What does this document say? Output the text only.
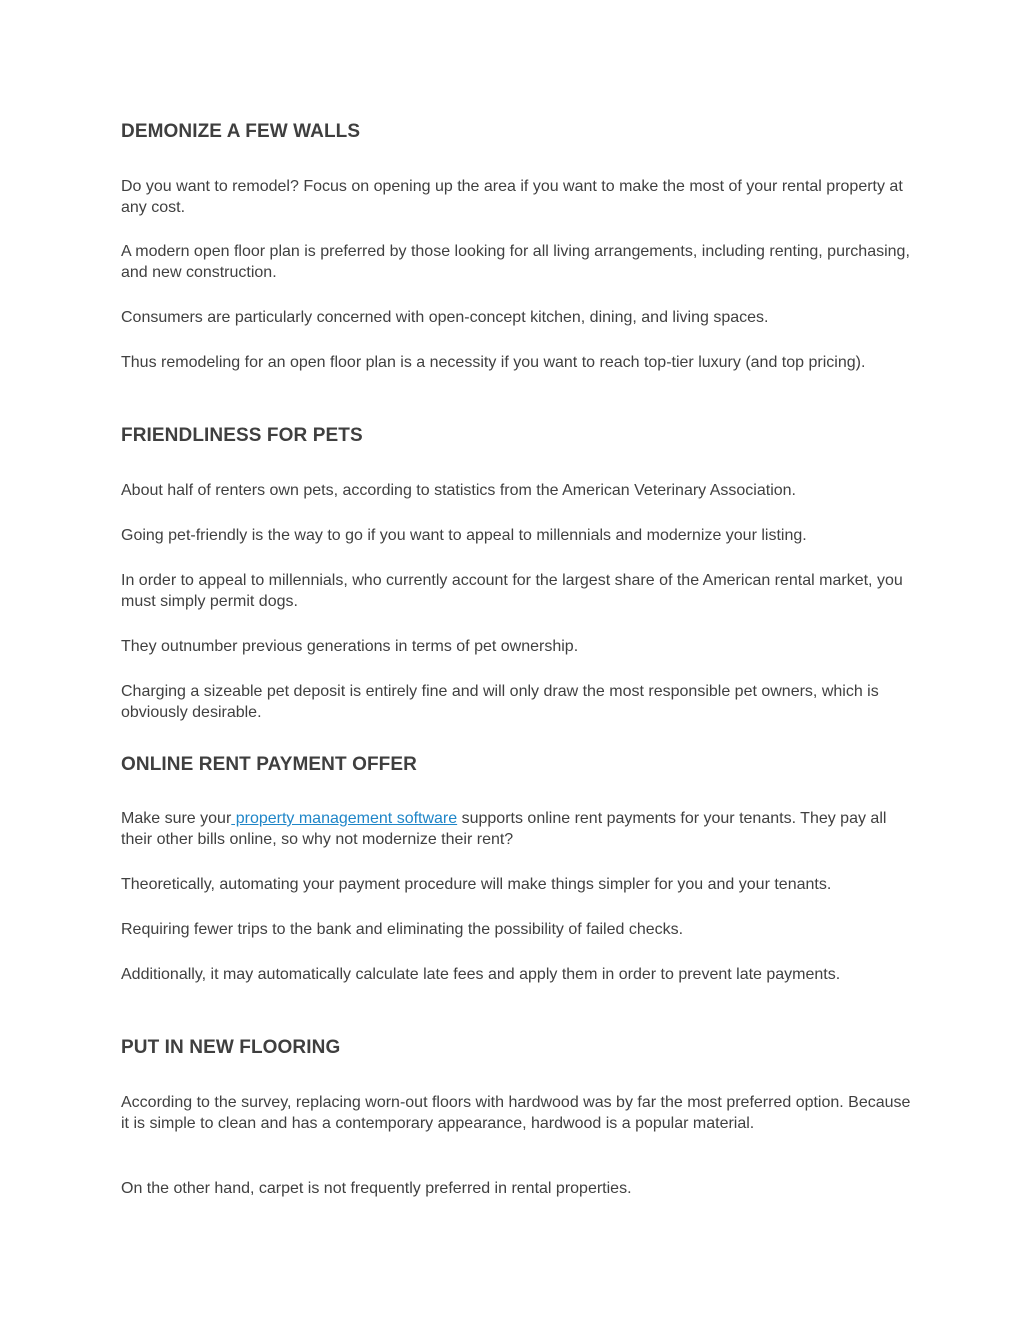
DEMONIZE A FEW WALLS

Do you want to remodel? Focus on opening up the area if you want to make the most of your rental property at any cost.

A modern open floor plan is preferred by those looking for all living arrangements, including renting, purchasing, and new construction.

Consumers are particularly concerned with open-concept kitchen, dining, and living spaces.

Thus remodeling for an open floor plan is a necessity if you want to reach top-tier luxury (and top pricing).

FRIENDLINESS FOR PETS

About half of renters own pets, according to statistics from the American Veterinary Association.

Going pet-friendly is the way to go if you want to appeal to millennials and modernize your listing.

In order to appeal to millennials, who currently account for the largest share of the American rental market, you must simply permit dogs.

They outnumber previous generations in terms of pet ownership.

Charging a sizeable pet deposit is entirely fine and will only draw the most responsible pet owners, which is obviously desirable.

ONLINE RENT PAYMENT OFFER

Make sure your property management software supports online rent payments for your tenants. They pay all their other bills online, so why not modernize their rent?

Theoretically, automating your payment procedure will make things simpler for you and your tenants.

Requiring fewer trips to the bank and eliminating the possibility of failed checks.

Additionally, it may automatically calculate late fees and apply them in order to prevent late payments.

PUT IN NEW FLOORING

According to the survey, replacing worn-out floors with hardwood was by far the most preferred option. Because it is simple to clean and has a contemporary appearance, hardwood is a popular material.

On the other hand, carpet is not frequently preferred in rental properties.
